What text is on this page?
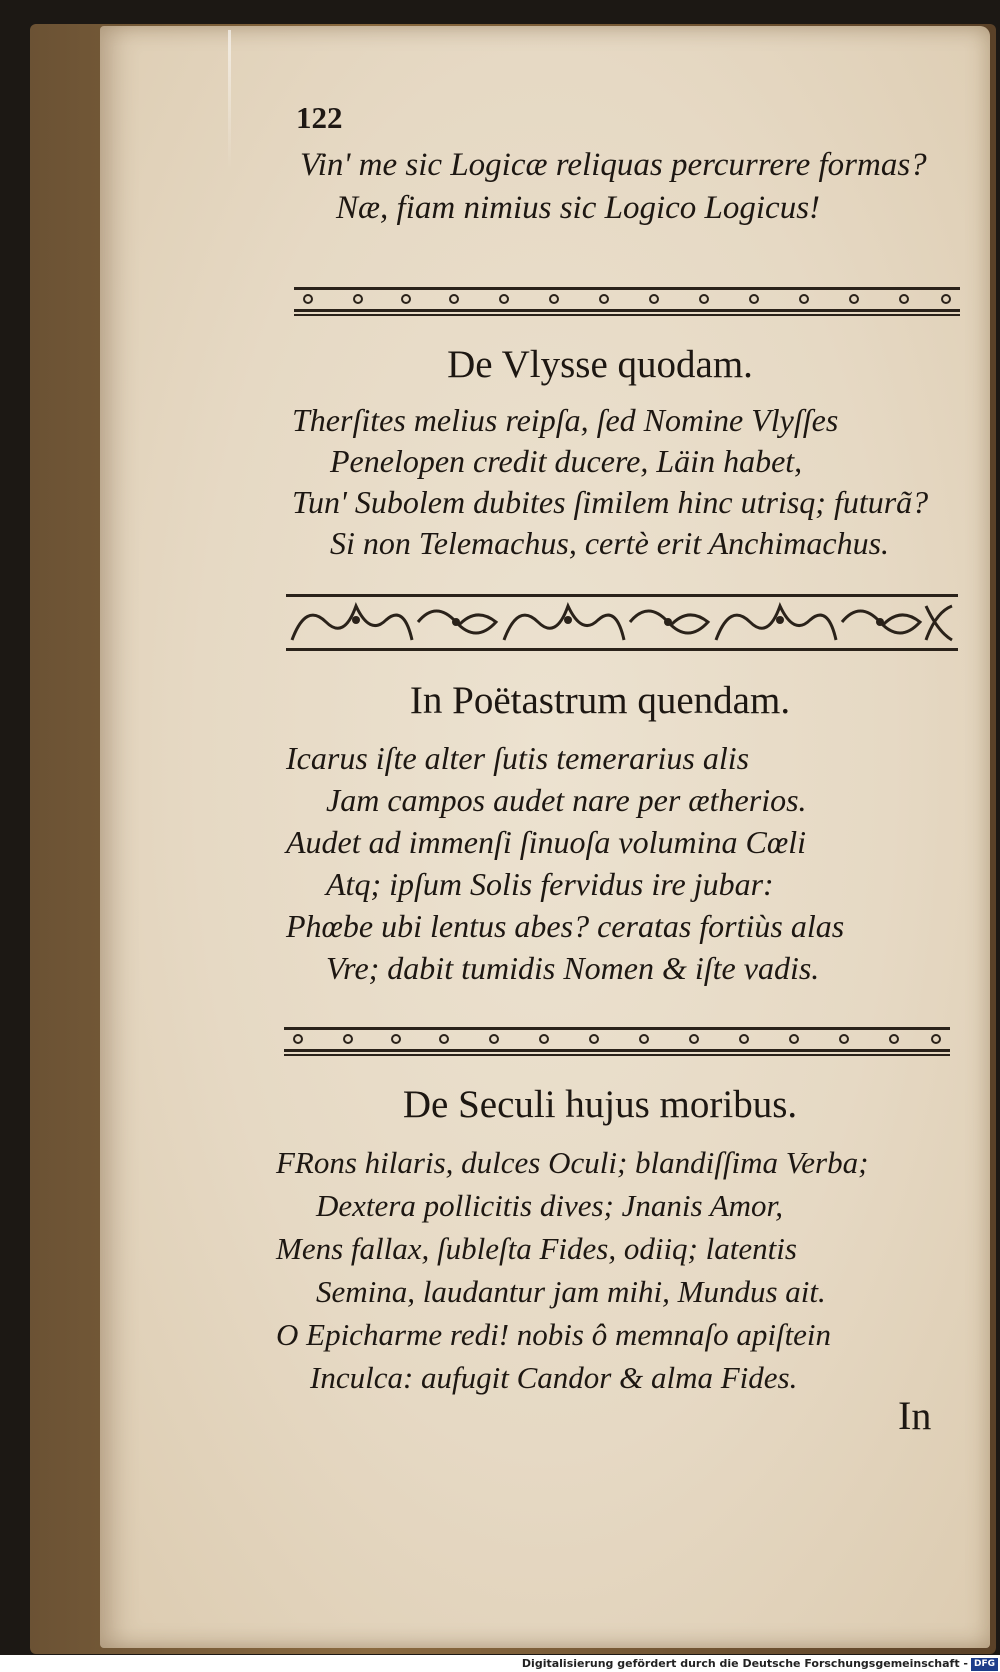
122

Vin' me sic Logicæ reliquas percurrere formas?

Næ, fiam nimius sic Logico Logicus!

De Vlysse quodam.

Therſites melius reipſa, ſed Nomine Vlyſſes

Penelopen credit ducere, Läin habet,

Tun' Subolem dubites ſimilem hinc utrisq; futurã?

Si non Telemachus, certè erit Anchimachus.

In Poëtastrum quendam.

Icarus iſte alter ſutis temerarius alis

Jam campos audet nare per ætherios.

Audet ad immenſi ſinuoſa volumina Cœli

Atq; ipſum Solis fervidus ire jubar:

Phœbe ubi lentus abes? ceratas fortiùs alas

Vre; dabit tumidis Nomen & iſte vadis.

De Seculi hujus moribus.

FRons hilaris, dulces Oculi; blandiſſima Verba;

Dextera pollicitis dives; Jnanis Amor,

Mens fallax, ſubleſta Fides, odiiq; latentis

Semina, laudantur jam mihi, Mundus ait.

O Epicharme redi! nobis ô memnaſo apiſtein

Inculca: aufugit Candor & alma Fides.

In
Digitalisierung gefördert durch die Deutsche Forschungsgemeinschaft - DFG
